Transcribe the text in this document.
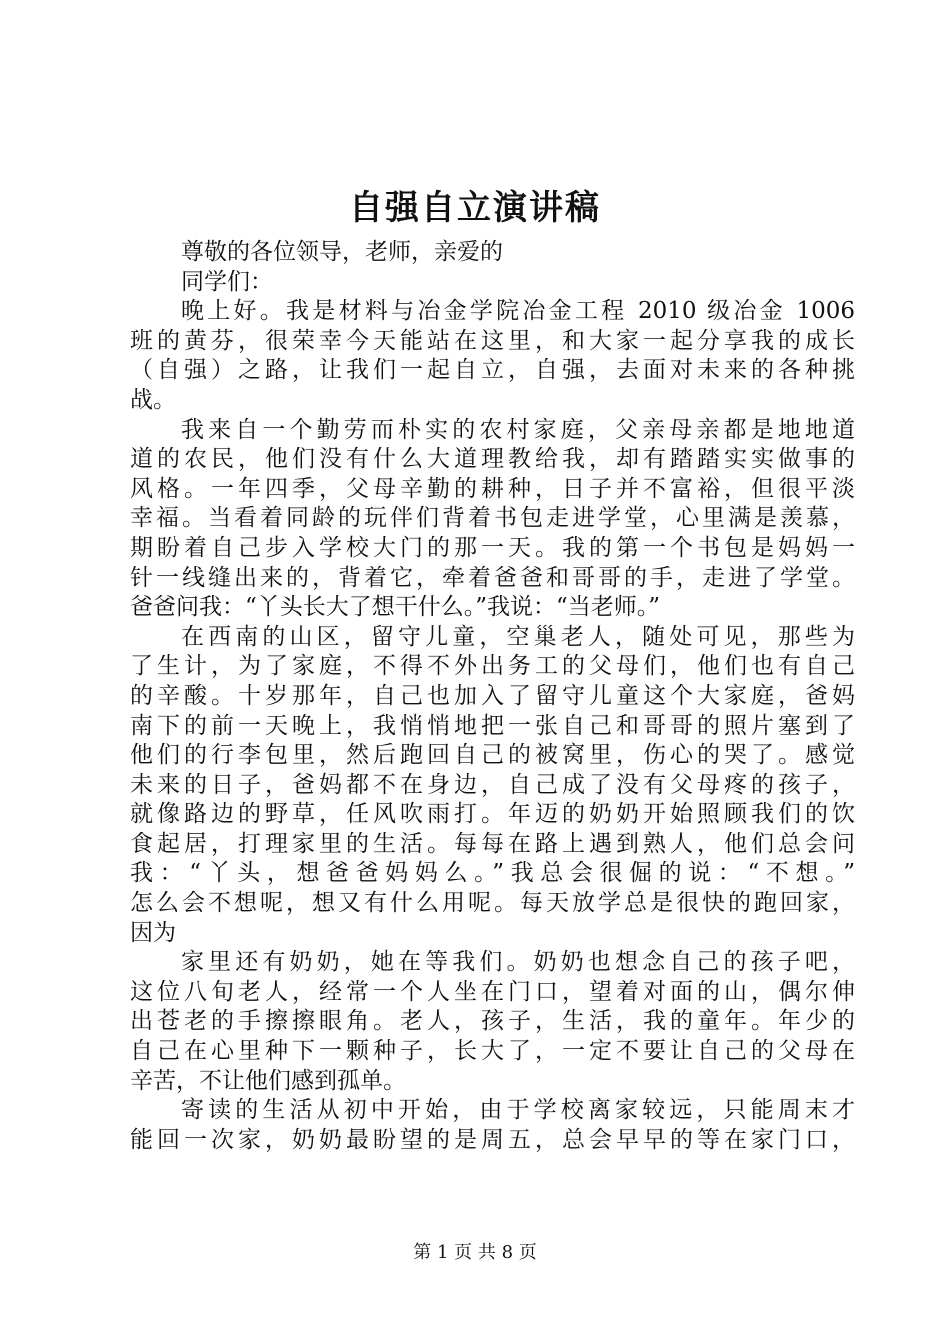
自强自立演讲稿
尊敬的各位领导，老师，亲爱的
同学们：
晚上好。我是材料与冶金学院冶金工程 2010 级冶金 1006
班的黄芬，很荣幸今天能站在这里，和大家一起分享我的成长
（自强）之路，让我们一起自立，自强，去面对未来的各种挑
战。
我来自一个勤劳而朴实的农村家庭，父亲母亲都是地地道
道的农民，他们没有什么大道理教给我，却有踏踏实实做事的
风格。一年四季，父母辛勤的耕种，日子并不富裕，但很平淡
幸福。当看着同龄的玩伴们背着书包走进学堂，心里满是羡慕，
期盼着自己步入学校大门的那一天。我的第一个书包是妈妈一
针一线缝出来的，背着它，牵着爸爸和哥哥的手，走进了学堂。
爸爸问我：“丫头长大了想干什么。”我说：“当老师。”
在西南的山区，留守儿童，空巢老人，随处可见，那些为
了生计，为了家庭，不得不外出务工的父母们，他们也有自己
的辛酸。十岁那年，自己也加入了留守儿童这个大家庭，爸妈
南下的前一天晚上，我悄悄地把一张自己和哥哥的照片塞到了
他们的行李包里，然后跑回自己的被窝里，伤心的哭了。感觉
未来的日子，爸妈都不在身边，自己成了没有父母疼的孩子，
就像路边的野草，任风吹雨打。年迈的奶奶开始照顾我们的饮
食起居，打理家里的生活。每每在路上遇到熟人，他们总会问
我：“丫头，想爸爸妈妈么。”我总会很倔的说：“不想。”
怎么会不想呢，想又有什么用呢。每天放学总是很快的跑回家，
因为
家里还有奶奶，她在等我们。奶奶也想念自己的孩子吧，
这位八旬老人，经常一个人坐在门口，望着对面的山，偶尔伸
出苍老的手擦擦眼角。老人，孩子，生活，我的童年。年少的
自己在心里种下一颗种子，长大了，一定不要让自己的父母在
辛苦，不让他们感到孤单。
寄读的生活从初中开始，由于学校离家较远，只能周末才
能回一次家，奶奶最盼望的是周五，总会早早的等在家门口，
第 1 页 共 8 页
